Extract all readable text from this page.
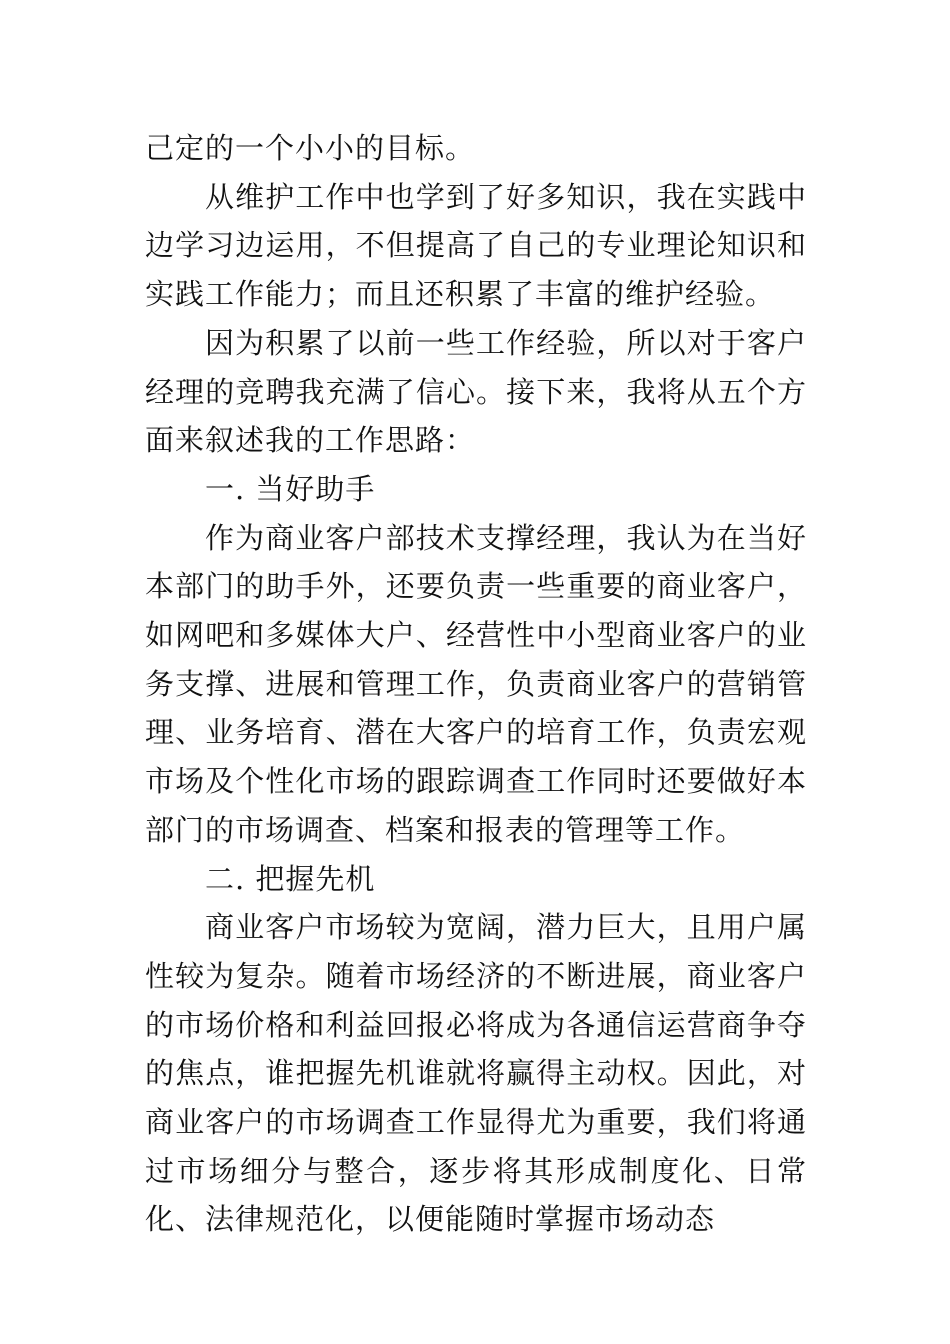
己定的一个小小的目标。

从维护工作中也学到了好多知识，我在实践中边学习边运用，不但提高了自己的专业理论知识和实践工作能力；而且还积累了丰富的维护经验。

因为积累了以前一些工作经验，所以对于客户经理的竞聘我充满了信心。接下来，我将从五个方面来叙述我的工作思路：

一. 当好助手

作为商业客户部技术支撑经理，我认为在当好本部门的助手外，还要负责一些重要的商业客户，如网吧和多媒体大户、经营性中小型商业客户的业务支撑、进展和管理工作，负责商业客户的营销管理、业务培育、潜在大客户的培育工作，负责宏观市场及个性化市场的跟踪调查工作同时还要做好本部门的市场调查、档案和报表的管理等工作。

二. 把握先机

商业客户市场较为宽阔，潜力巨大，且用户属性较为复杂。随着市场经济的不断进展，商业客户的市场价格和利益回报必将成为各通信运营商争夺的焦点，谁把握先机谁就将赢得主动权。因此，对商业客户的市场调查工作显得尤为重要，我们将通过市场细分与整合，逐步将其形成制度化、日常化、法律规范化，以便能随时掌握市场动态
